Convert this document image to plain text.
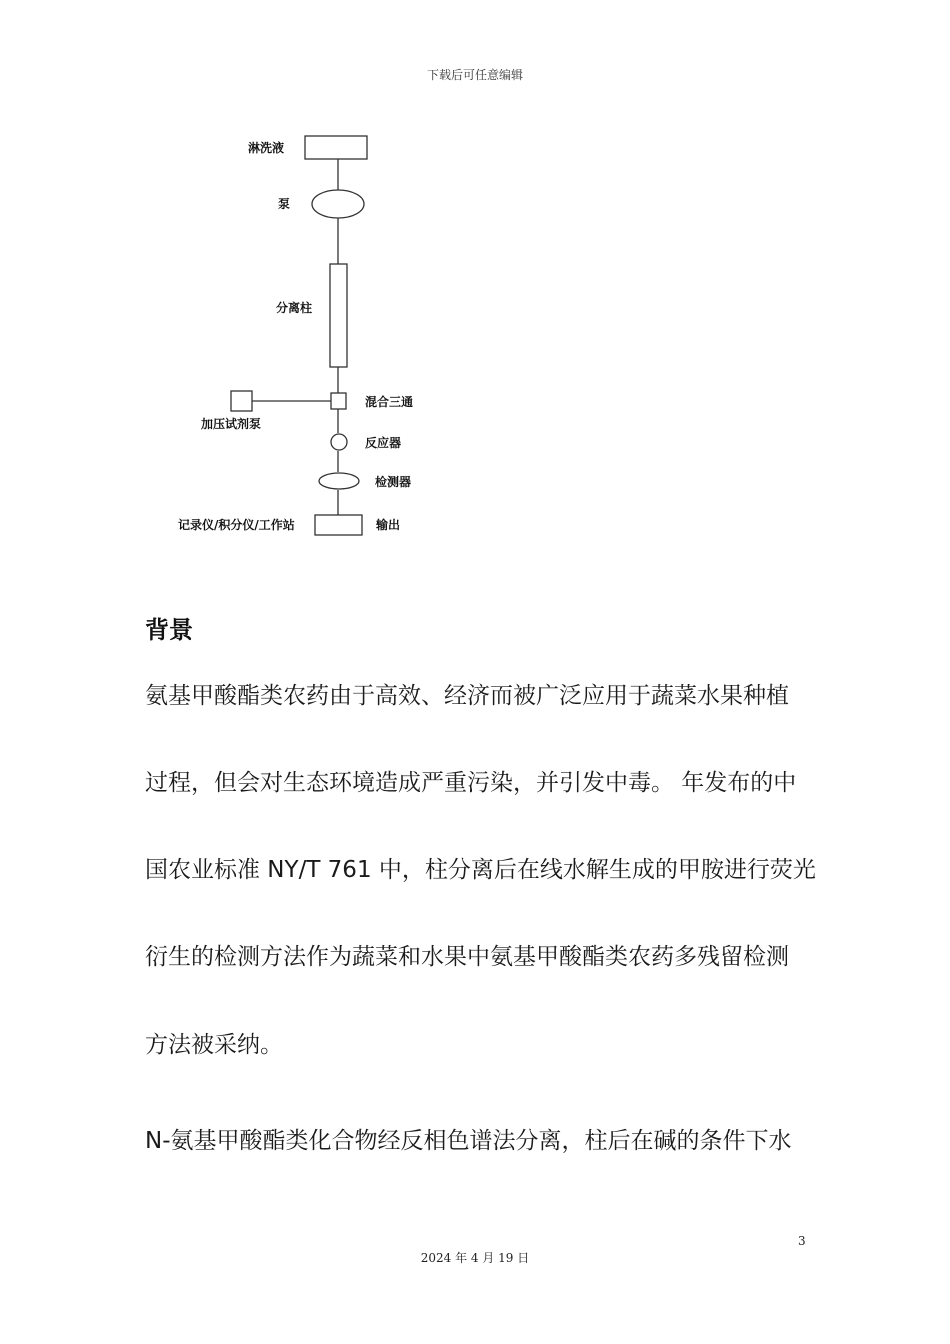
下载后可任意编辑
淋洗液
泵
分离柱
混合三通
加压试剂泵
反应器
检测器
记录仪/积分仪/工作站	输出
背景
氨基甲酸酯类农药由于高效、经济而被广泛应用于蔬菜水果种植
过程，但会对生态环境造成严重污染，并引发中毒。 年发布的中
国农业标准 NY/T 761 中，柱分离后在线水解生成的甲胺进行荧光
衍生的检测方法作为蔬菜和水果中氨基甲酸酯类农药多残留检测
方法被采纳。
N-氨基甲酸酯类化合物经反相色谱法分离，柱后在碱的条件下水
3
2024 年 4 月 19 日
